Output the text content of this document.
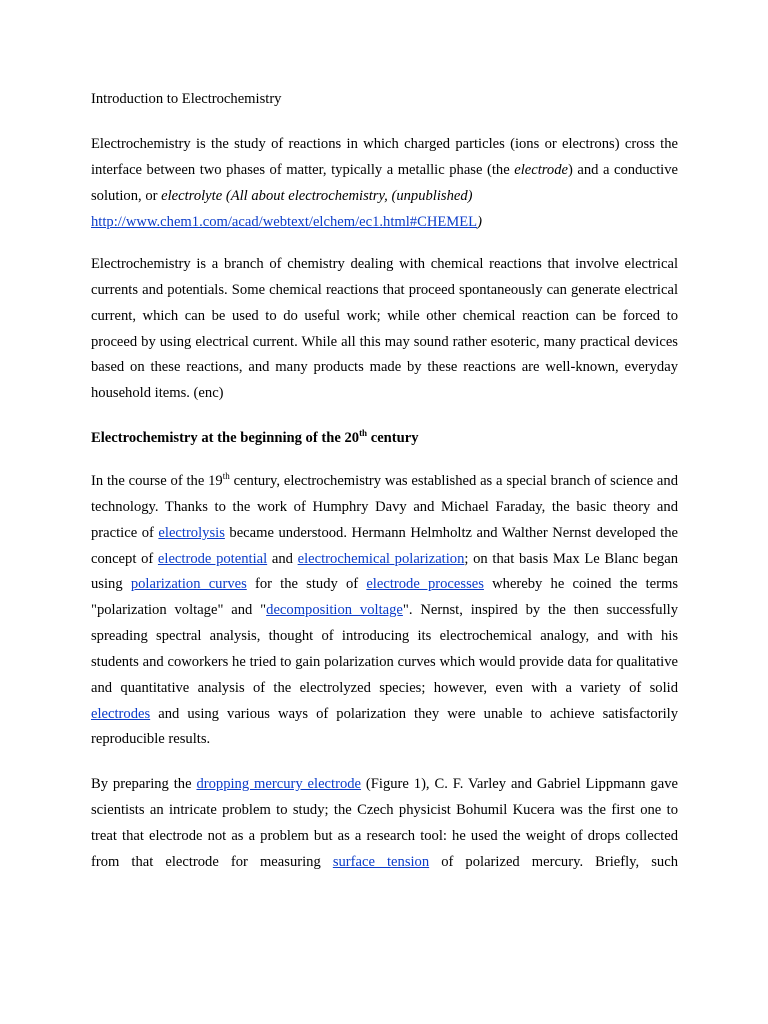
Introduction to Electrochemistry
Electrochemistry is the study of reactions in which charged particles (ions or electrons) cross the interface between two phases of matter, typically a metallic phase (the electrode) and a conductive solution, or electrolyte (All about electrochemistry, (unpublished)
http://www.chem1.com/acad/webtext/elchem/ec1.html#CHEMEL)
Electrochemistry is a branch of chemistry dealing with chemical reactions that involve electrical currents and potentials. Some chemical reactions that proceed spontaneously can generate electrical current, which can be used to do useful work; while other chemical reaction can be forced to proceed by using electrical current. While all this may sound rather esoteric, many practical devices based on these reactions, and many products made by these reactions are well-known, everyday household items. (enc)
Electrochemistry at the beginning of the 20th century
In the course of the 19th century, electrochemistry was established as a special branch of science and technology. Thanks to the work of Humphry Davy and Michael Faraday, the basic theory and practice of electrolysis became understood. Hermann Helmholtz and Walther Nernst developed the concept of electrode potential and electrochemical polarization; on that basis Max Le Blanc began using polarization curves for the study of electrode processes whereby he coined the terms "polarization voltage" and "decomposition voltage". Nernst, inspired by the then successfully spreading spectral analysis, thought of introducing its electrochemical analogy, and with his students and coworkers he tried to gain polarization curves which would provide data for qualitative and quantitative analysis of the electrolyzed species; however, even with a variety of solid electrodes and using various ways of polarization they were unable to achieve satisfactorily reproducible results.
By preparing the dropping mercury electrode (Figure 1), C. F. Varley and Gabriel Lippmann gave scientists an intricate problem to study; the Czech physicist Bohumil Kucera was the first one to treat that electrode not as a problem but as a research tool: he used the weight of drops collected from that electrode for measuring surface tension of polarized mercury. Briefly, such
